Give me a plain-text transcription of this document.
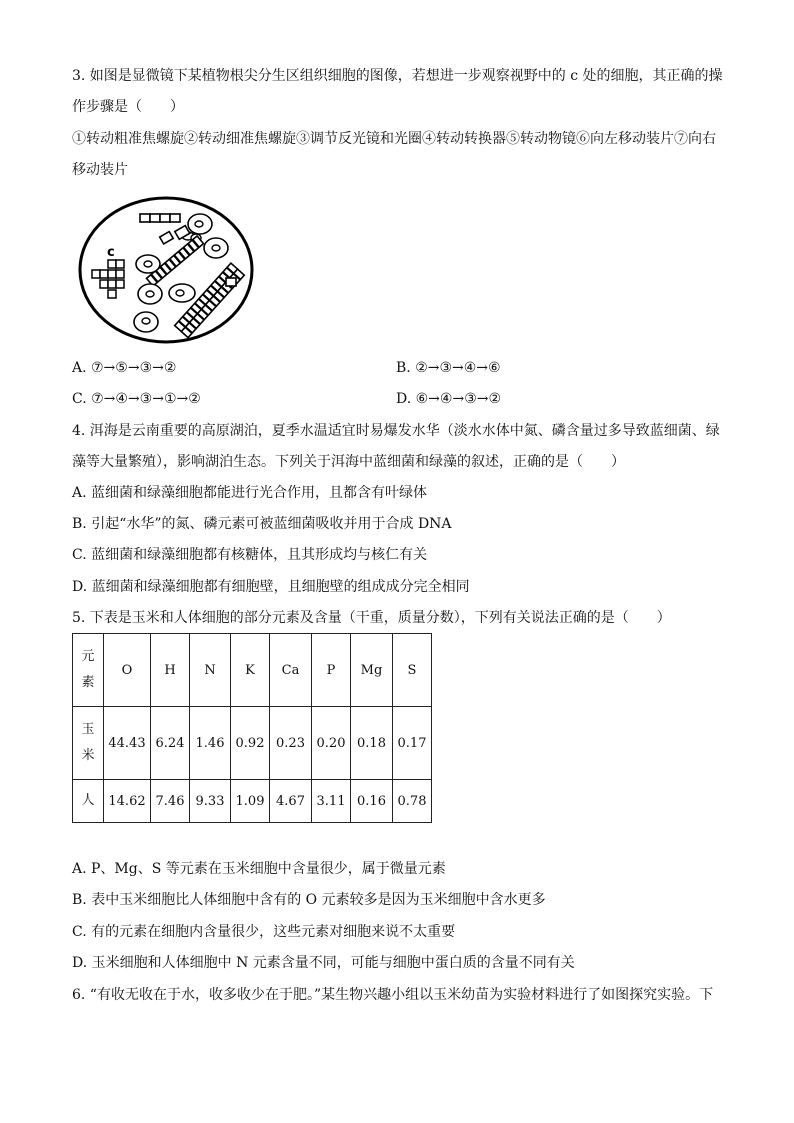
3. 如图是显微镜下某植物根尖分生区组织细胞的图像，若想进一步观察视野中的 c 处的细胞，其正确的操
作步骤是（　　）
①转动粗准焦螺旋②转动细准焦螺旋③调节反光镜和光圈④转动转换器⑤转动物镜⑥向左移动装片⑦向右
移动装片
c
A. ⑦→⑤→③→②	B. ②→③→④→⑥
C. ⑦→④→③→①→②	D. ⑥→④→③→②
4. 洱海是云南重要的高原湖泊，夏季水温适宜时易爆发水华（淡水水体中氮、磷含量过多导致蓝细菌、绿
藻等大量繁殖），影响湖泊生态。下列关于洱海中蓝细菌和绿藻的叙述，正确的是（　　）
A. 蓝细菌和绿藻细胞都能进行光合作用，且都含有叶绿体
B. 引起“水华”的氮、磷元素可被蓝细菌吸收并用于合成 DNA
C. 蓝细菌和绿藻细胞都有核糖体，且其形成均与核仁有关
D. 蓝细菌和绿藻细胞都有细胞壁，且细胞壁的组成成分完全相同
5. 下表是玉米和人体细胞的部分元素及含量（干重，质量分数），下列有关说法正确的是（　　）
元素	O	H	N	K	Ca	P	Mg	S
玉米	44.43	6.24	1.46	0.92	0.23	0.20	0.18	0.17
人	14.62	7.46	9.33	1.09	4.67	3.11	0.16	0.78
A. P、Mg、S 等元素在玉米细胞中含量很少，属于微量元素
B. 表中玉米细胞比人体细胞中含有的 O 元素较多是因为玉米细胞中含水更多
C. 有的元素在细胞内含量很少，这些元素对细胞来说不太重要
D. 玉米细胞和人体细胞中 N 元素含量不同，可能与细胞中蛋白质的含量不同有关
6. “有收无收在于水，收多收少在于肥。”某生物兴趣小组以玉米幼苗为实验材料进行了如图探究实验。下
